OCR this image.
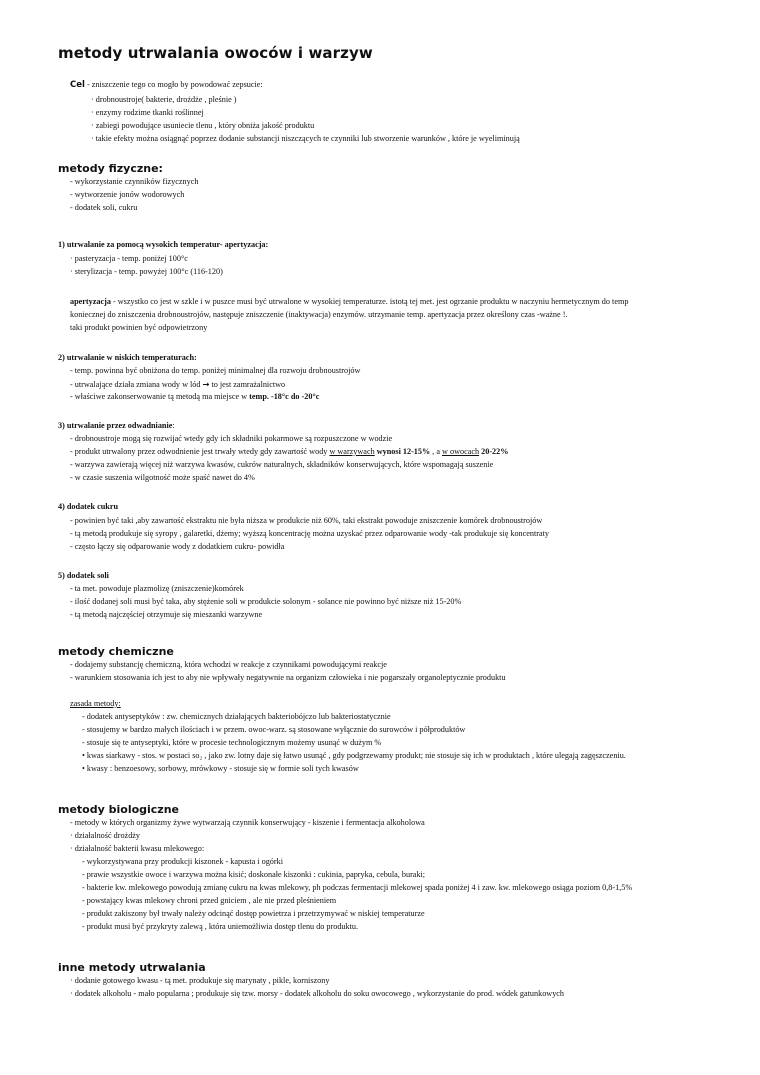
metody utrwalania owoców i warzyw
Cel - zniszczenie tego co mogło by powodować zepsucie:
· drobnoustroje( bakterie, drożdże , pleśnie )
· enzymy rodzime tkanki roślinnej
· zabiegi powodujące usuniecie tlenu , który obniża jakość produktu
· takie efekty można osiągnąć poprzez dodanie substancji niszczących te czynniki lub stworzenie warunków , które je wyeliminują
metody fizyczne:
- wykorzystanie czynników fizycznych
- wytworzenie jonów wodorowych
- dodatek soli, cukru
1) utrwalanie za pomocą wysokich temperatur- apertyzacja:
· pasteryzacja - temp. poniżej 100°c
· sterylizacja - temp. powyżej 100°c (116-120)
apertyzacja - wszystko co jest w szkle i w puszce musi być utrwalone w wysokiej temperaturze. istotą tej met. jest ogrzanie produktu w naczyniu hermetycznym do temp
koniecznej do zniszczenia drobnoustrojów, następuje zniszczenie (inaktywacja) enzymów. utrzymanie temp. apertyzacja przez określony czas -ważne !.
taki produkt powinien być odpowietrzony
2) utrwalanie w niskich temperaturach:
- temp. powinna być obniżona do temp. poniżej minimalnej dla rozwoju drobnoustrojów
- utrwalające działa zmiana wody w lód → to jest zamrażalnictwo
- właściwe zakonserwowanie tą metodą ma miejsce w temp. -18°c do -20°c
3) utrwalanie przez odwadnianie:
- drobnoustroje mogą się rozwijać wtedy gdy ich składniki pokarmowe są rozpuszczone w wodzie
- produkt utrwalony przez odwodnienie jest trwały wtedy gdy zawartość wody w warzywach wynosi 12-15% , a w owocach 20-22%
- warzywa zawierają więcej niż warzywa kwasów, cukrów naturalnych, składników konserwujących, które wspomagają suszenie
- w czasie suszenia wilgotność może spaść nawet do 4%
4) dodatek cukru
- powinien być taki ,aby zawartość ekstraktu nie była niższa w produkcie niż 60%, taki ekstrakt powoduje zniszczenie komórek drobnoustrojów
- tą metodą produkuje się syropy , galaretki, dżemy; wyższą koncentrację można uzyskać przez odparowanie wody -tak produkuje się koncentraty
- często łączy się odparowanie wody z dodatkiem cukru- powidła
5) dodatek soli
- ta met. powoduje plazmolizę (zniszczenie)komórek
- ilość dodanej soli musi być taka, aby stężenie soli w produkcie solonym - solance nie powinno być niższe niż 15-20%
- tą metodą najczęściej otrzymuje się mieszanki warzywne
metody chemiczne
- dodajemy substancję chemiczną, która wchodzi w reakcje z czynnikami powodującymi reakcje
- warunkiem stosowania ich jest to aby nie wpływały negatywnie na organizm człowieka i nie pogarszały organoleptycznie produktu
zasada metody:
- dodatek antyseptyków : zw. chemicznych działających bakteriobójczo lub bakteriostatycznie
- stosujemy w bardzo małych ilościach i w przem. owoc-warz. są stosowane wyłącznie do surowców i półproduktów
- stosuje się te antyseptyki, które w procesie technologicznym możemy usunąć w dużym %
• kwas siarkawy - stos. w postaci so₂ , jako zw. lotny daje się łatwo usunąć , gdy podgrzewamy produkt; nie stosuje się ich w produktach , które ulegają zagęszczeniu.
• kwasy : benzoesowy, sorbowy, mrówkowy - stosuje się w formie soli tych kwasów
metody biologiczne
- metody w których organizmy żywe wytwarzają czynnik konserwujący - kiszenie i fermentacja alkoholowa
· działalność drożdży
· działalność bakterii kwasu mlekowego:
- wykorzystywana przy produkcji kiszonek - kapusta i ogórki
- prawie wszystkie owoce i warzywa można kisić; doskonałe kiszonki : cukinia, papryka, cebula, buraki;
- bakterie kw. mlekowego powodują zmianę cukru na kwas mlekowy, ph podczas fermentacji mlekowej spada poniżej 4 i zaw. kw. mlekowego osiąga poziom 0,8-1,5%
- powstający kwas mlekowy chroni przed gniciem , ale nie przed pleśnieniem
- produkt zakiszony był trwały należy odcinąć dostęp powietrza i przetrzymywać w niskiej temperaturze
- produkt musi być przykryty zalewą , która uniemożliwia dostęp tlenu do produktu.
inne metody utrwalania
· dodanie gotowego kwasu - tą met. produkuje się marynaty , pikle, korniszony
· dodatek alkoholu - mało popularna ; produkuje się tzw. morsy - dodatek alkoholu do soku owocowego , wykorzystanie do prod. wódek gatunkowych
